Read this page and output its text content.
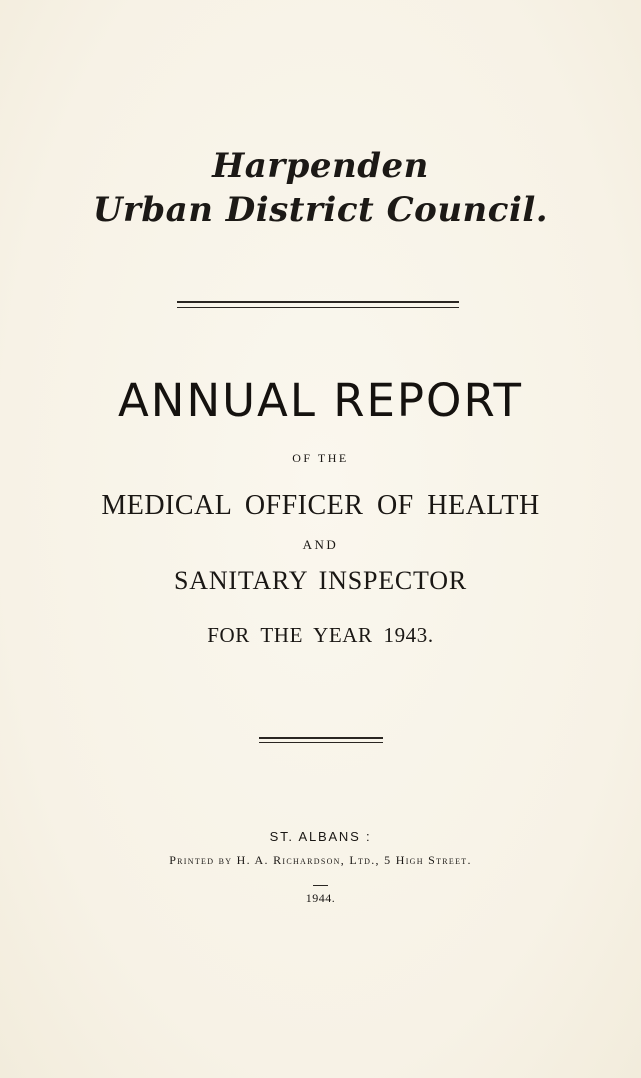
Harpenden
Urban District Council.
ANNUAL REPORT
OF THE
MEDICAL OFFICER OF HEALTH
AND
SANITARY INSPECTOR
FOR THE YEAR 1943.
ST. ALBANS :
Printed by H. A. Richardson, Ltd., 5 High Street.
1944.
